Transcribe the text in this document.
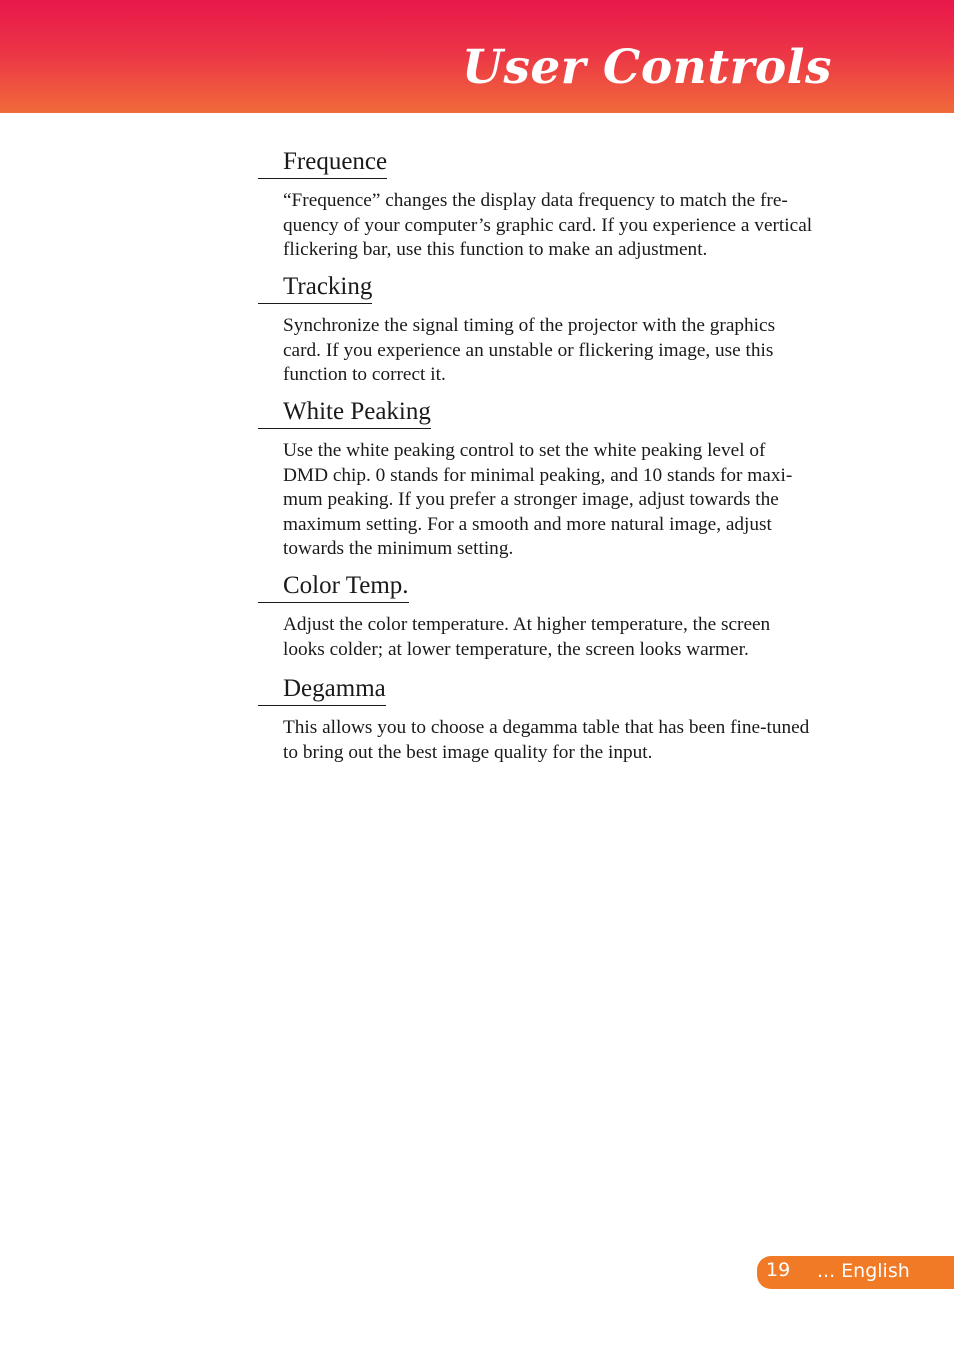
User Controls
Frequence
“Frequence” changes the display data frequency to match the fre-
quency of your computer’s graphic card. If you experience a vertical
flickering bar, use this function to make an adjustment.
Tracking
Synchronize the signal timing of the projector with the graphics
card. If you experience an unstable or flickering image, use this
function to correct it.
White Peaking
Use the white peaking control to set the white peaking level of
DMD chip. 0 stands for minimal peaking, and 10 stands for maxi-
mum peaking. If you prefer a stronger image, adjust towards the
maximum setting. For a smooth and more natural image, adjust
towards the minimum setting.
Color Temp.
Adjust the color temperature. At higher temperature, the screen
looks colder; at lower temperature, the screen looks warmer.
Degamma
This allows you to choose a degamma table that has been fine-tuned
to bring out the best image quality for the input.
19 ... English
